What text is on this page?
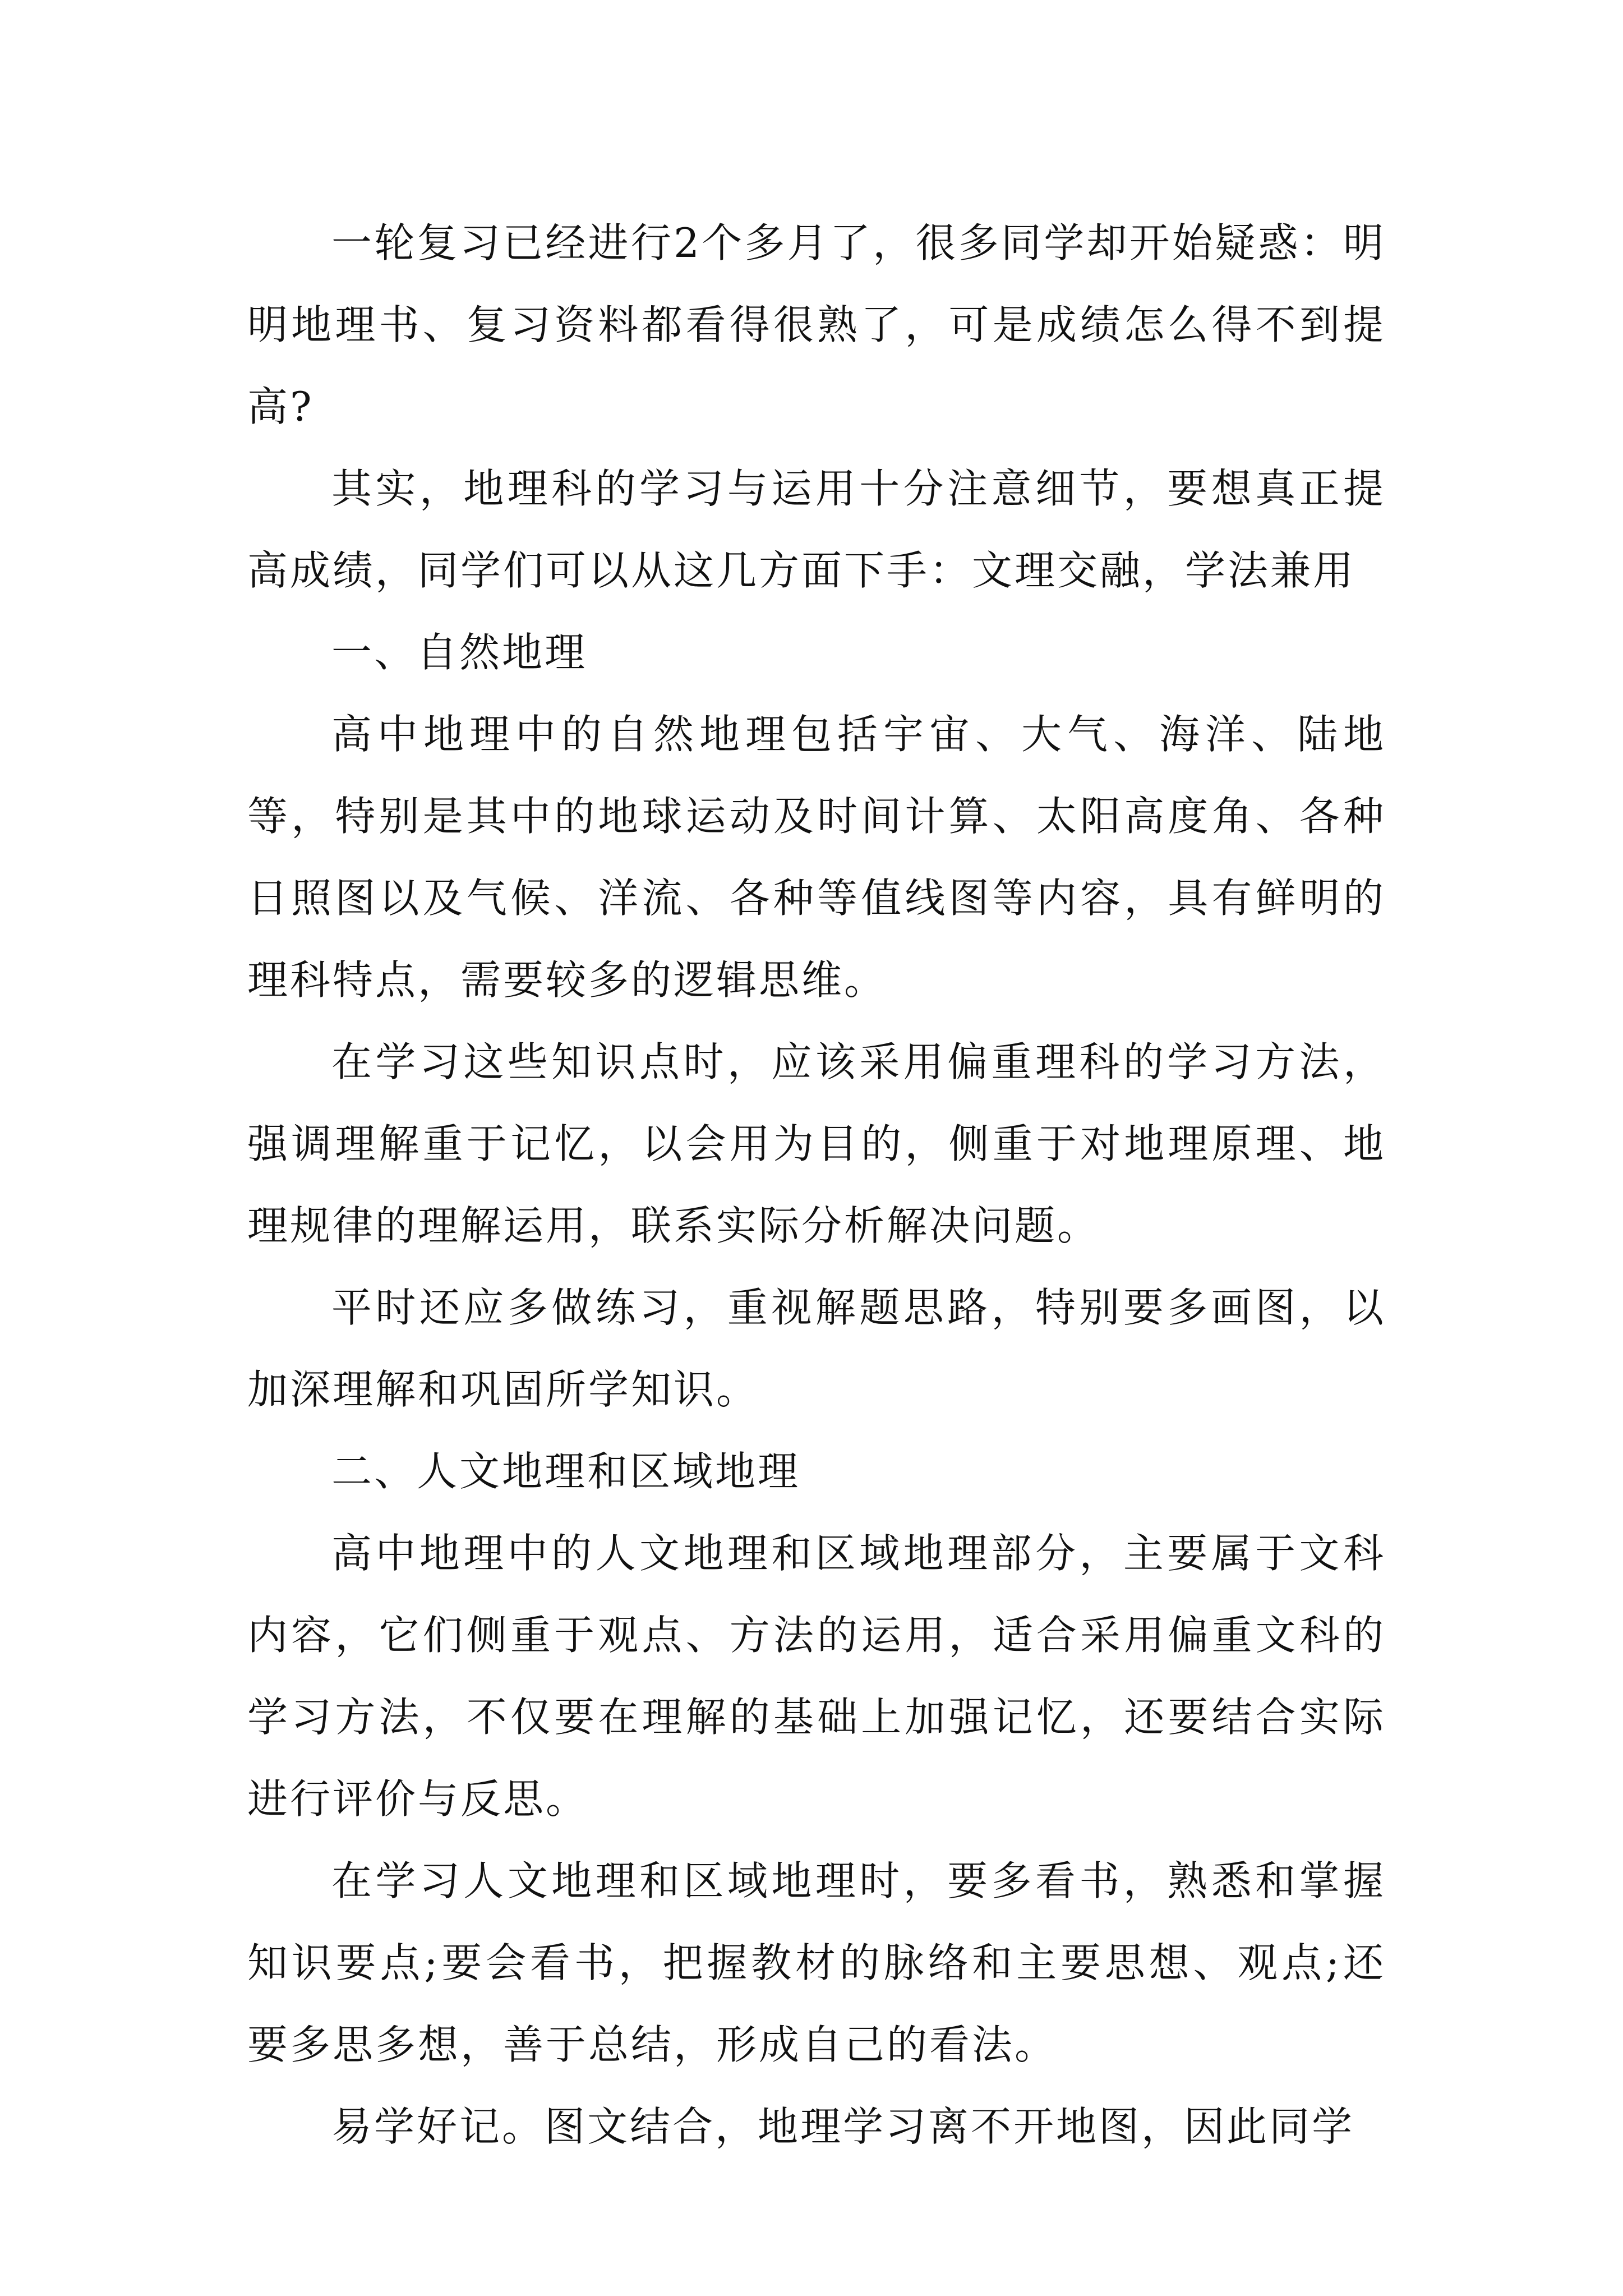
一轮复习已经进行2个多月了，很多同学却开始疑惑：明明地理书、复习资料都看得很熟了，可是成绩怎么得不到提高?

其实，地理科的学习与运用十分注意细节，要想真正提高成绩，同学们可以从这几方面下手：文理交融，学法兼用

一、自然地理

高中地理中的自然地理包括宇宙、大气、海洋、陆地等，特别是其中的地球运动及时间计算、太阳高度角、各种日照图以及气候、洋流、各种等值线图等内容，具有鲜明的理科特点，需要较多的逻辑思维。

在学习这些知识点时，应该采用偏重理科的学习方法，强调理解重于记忆，以会用为目的，侧重于对地理原理、地理规律的理解运用，联系实际分析解决问题。

平时还应多做练习，重视解题思路，特别要多画图，以加深理解和巩固所学知识。

二、人文地理和区域地理

高中地理中的人文地理和区域地理部分，主要属于文科内容，它们侧重于观点、方法的运用，适合采用偏重文科的学习方法，不仅要在理解的基础上加强记忆，还要结合实际进行评价与反思。

在学习人文地理和区域地理时，要多看书，熟悉和掌握知识要点;要会看书，把握教材的脉络和主要思想、观点;还要多思多想，善于总结，形成自己的看法。

易学好记。图文结合，地理学习离不开地图，因此同学
